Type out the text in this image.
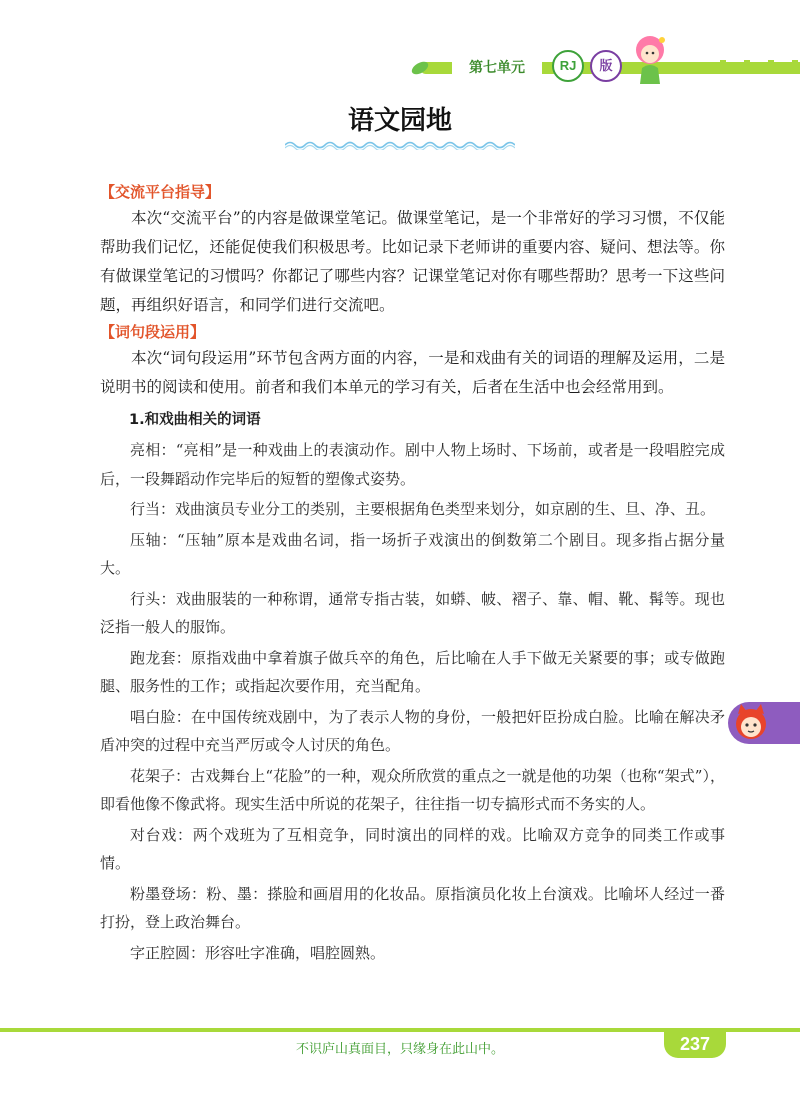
第七单元	RJ	版
语文园地

【交流平台指导】

本次“交流平台”的内容是做课堂笔记。做课堂笔记，是一个非常好的学习习惯，不仅能帮助我们记忆，还能促使我们积极思考。比如记录下老师讲的重要内容、疑问、想法等。你有做课堂笔记的习惯吗？你都记了哪些内容？记课堂笔记对你有哪些帮助？思考一下这些问题，再组织好语言，和同学们进行交流吧。

【词句段运用】

本次“词句段运用”环节包含两方面的内容，一是和戏曲有关的词语的理解及运用，二是说明书的阅读和使用。前者和我们本单元的学习有关，后者在生活中也会经常用到。

1.和戏曲相关的词语

亮相：“亮相”是一种戏曲上的表演动作。剧中人物上场时、下场前，或者是一段唱腔完成后，一段舞蹈动作完毕后的短暂的塑像式姿势。

行当：戏曲演员专业分工的类别，主要根据角色类型来划分，如京剧的生、旦、净、丑。

压轴：“压轴”原本是戏曲名词，指一场折子戏演出的倒数第二个剧目。现多指占据分量大。

行头：戏曲服装的一种称谓，通常专指古装，如蟒、帔、褶子、靠、帽、靴、髯等。现也泛指一般人的服饰。

跑龙套：原指戏曲中拿着旗子做兵卒的角色，后比喻在人手下做无关紧要的事；或专做跑腿、服务性的工作；或指起次要作用，充当配角。

唱白脸：在中国传统戏剧中，为了表示人物的身份，一般把奸臣扮成白脸。比喻在解决矛盾冲突的过程中充当严厉或令人讨厌的角色。

花架子：古戏舞台上“花脸”的一种，观众所欣赏的重点之一就是他的功架（也称“架式”），即看他像不像武将。现实生活中所说的花架子，往往指一切专搞形式而不务实的人。

对台戏：两个戏班为了互相竞争，同时演出的同样的戏。比喻双方竞争的同类工作或事情。

粉墨登场：粉、墨：搽脸和画眉用的化妆品。原指演员化妆上台演戏。比喻坏人经过一番打扮，登上政治舞台。

字正腔圆：形容吐字准确，唱腔圆熟。

不识庐山真面目，只缘身在此山中。	237
